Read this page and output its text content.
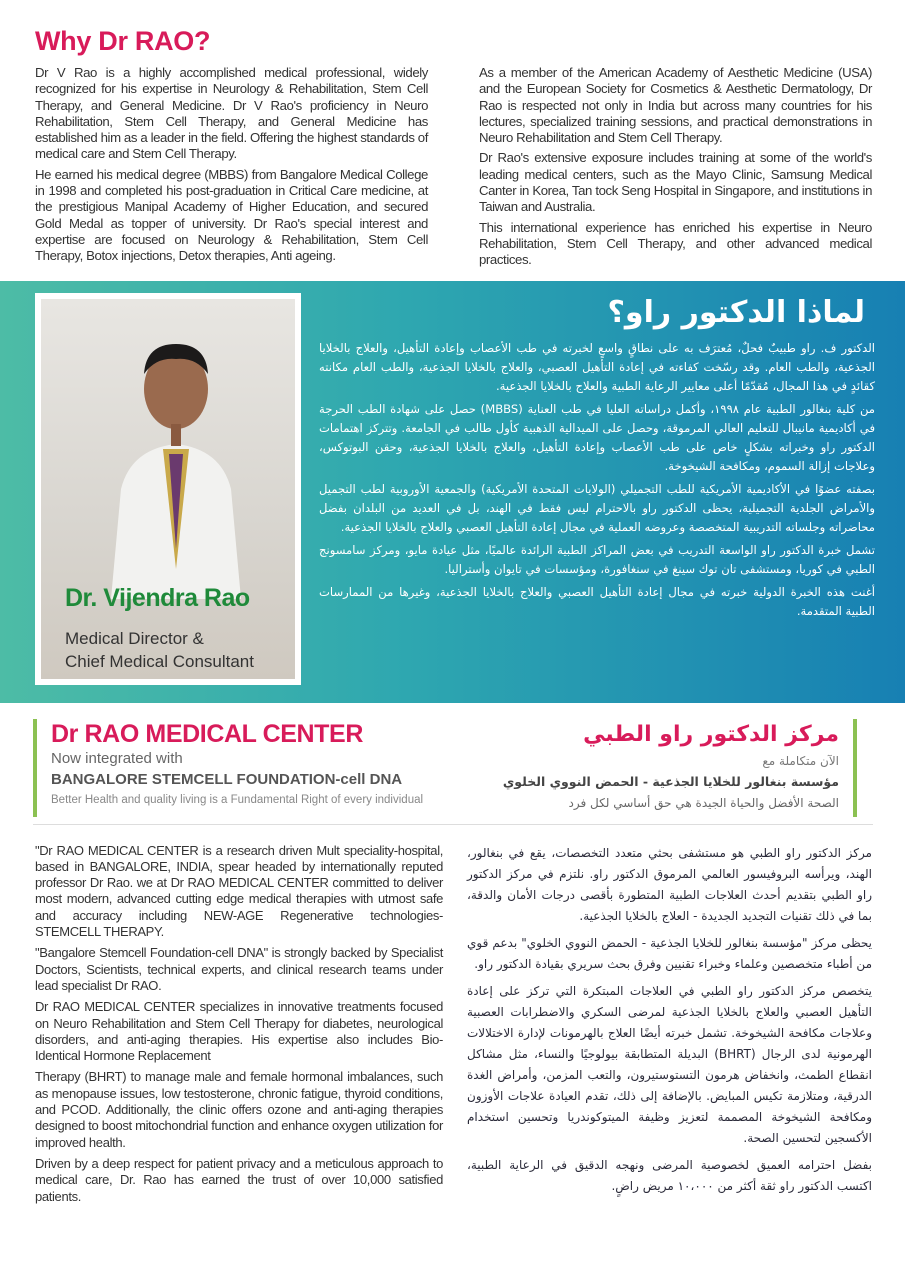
Why Dr RAO?

Dr V Rao is a highly accomplished medical professional, widely recognized for his expertise in Neurology & Rehabilitation, Stem Cell Therapy, and General Medicine. Dr V Rao's proficiency in Neuro Rehabilitation, Stem Cell Therapy, and General Medicine has established him as a leader in the field. Offering the highest standards of medical care and Stem Cell Therapy.

He earned his medical degree (MBBS) from Bangalore Medical College in 1998 and completed his post-graduation in Critical Care medicine, at the prestigious Manipal Academy of Higher Education, and secured Gold Medal as topper of university. Dr Rao's special interest and expertise are focused on Neurology & Rehabilitation, Stem Cell Therapy, Botox injections, Detox therapies, Anti ageing.

As a member of the American Academy of Aesthetic Medicine (USA) and the European Society for Cosmetics & Aesthetic Dermatology, Dr Rao is respected not only in India but across many countries for his lectures, specialized training sessions, and practical demonstrations in Neuro Rehabilitation and Stem Cell Therapy.

Dr Rao's extensive exposure includes training at some of the world's leading medical centers, such as the Mayo Clinic, Samsung Medical Canter in Korea, Tan tock Seng Hospital in Singapore, and institutions in Taiwan and Australia.

This international experience has enriched his expertise in Neuro Rehabilitation, Stem Cell Therapy, and other advanced medical practices.

Dr. Vijendra Rao
Medical Director &
Chief Medical Consultant
لماذا الدكتور راو؟

الدكتور ف. راو طبيبٌ فحلٌ، مُعترَف به على نطاقٍ واسعٍ لخبرته في طب الأعصاب وإعادة التأهيل، والعلاج بالخلايا الجذعية، والطب العام. وقد رسّخت كفاءته في إعادة التأهيل العصبي، والعلاج بالخلايا الجذعية، والطب العام مكانته كقائدٍ في هذا المجال، مُقدّمًا أعلى معايير الرعاية الطبية والعلاج بالخلايا الجذعية.

من كلية بنغالور الطبية عام ١٩٩٨، وأكمل دراساته العليا في طب العناية (MBBS) حصل على شهادة الطب الحرجة في أكاديمية مانيبال للتعليم العالي المرموقة، وحصل على الميدالية الذهبية كأول طالب في الجامعة. وتتركز اهتمامات الدكتور راو وخبراته بشكلٍ خاص على طب الأعصاب وإعادة التأهيل، والعلاج بالخلايا الجذعية، وحقن البوتوكس، وعلاجات إزالة السموم، ومكافحة الشيخوخة.

بصفته عضوًا في الأكاديمية الأمريكية للطب التجميلي (الولايات المتحدة الأمريكية) والجمعية الأوروبية لطب التجميل والأمراض الجلدية التجميلية، يحظى الدكتور راو بالاحترام ليس فقط في الهند، بل في العديد من البلدان بفضل محاضراته وجلساته التدريبية المتخصصة وعروضه العملية في مجال إعادة التأهيل العصبي والعلاج بالخلايا الجذعية.

تشمل خبرة الدكتور راو الواسعة التدريب في بعض المراكز الطبية الرائدة عالميًا، مثل عيادة مايو، ومركز سامسونج الطبي في كوريا، ومستشفى تان توك سينغ في سنغافورة، ومؤسسات في تايوان وأستراليا.

أغنت هذه الخبرة الدولية خبرته في مجال إعادة التأهيل العصبي والعلاج بالخلايا الجذعية، وغيرها من الممارسات الطبية المتقدمة.

Dr RAO MEDICAL CENTER
Now integrated with
BANGALORE STEMCELL FOUNDATION-cell DNA
Better Health and quality living is a Fundamental Right of every individual
مركز الدكتور راو الطبي
الآن متكاملة مع
مؤسسة بنغالور للخلايا الجذعية - الحمض النووي الخلوي
الصحة الأفضل والحياة الجيدة هي حق أساسي لكل فرد

"Dr RAO MEDICAL CENTER is a research driven Mult speciality-hospital, based in BANGALORE, INDIA, spear headed by internationally reputed professor Dr Rao. we at Dr RAO MEDICAL CENTER committed to deliver most modern, advanced cutting edge medical therapies with utmost safe and accuracy including NEW-AGE Regenerative technologies- STEMCELL THERAPY.

"Bangalore Stemcell Foundation-cell DNA" is strongly backed by Specialist Doctors, Scientists, technical experts, and clinical research teams under lead specialist Dr RAO.

Dr RAO MEDICAL CENTER specializes in innovative treatments focused on Neuro Rehabilitation and Stem Cell Therapy for diabetes, neurological disorders, and anti-aging therapies. His expertise also includes Bio-Identical Hormone Replacement

Therapy (BHRT) to manage male and female hormonal imbalances, such as menopause issues, low testosterone, chronic fatigue, thyroid conditions, and PCOD. Additionally, the clinic offers ozone and anti-aging therapies designed to boost mitochondrial function and enhance oxygen utilization for improved health.

Driven by a deep respect for patient privacy and a meticulous approach to medical care, Dr. Rao has earned the trust of over 10,000 satisfied patients.

مركز الدكتور راو الطبي هو مستشفى بحثي متعدد التخصصات، يقع في بنغالور، الهند، ويرأسه البروفيسور العالمي المرموق الدكتور راو. نلتزم في مركز الدكتور راو الطبي بتقديم أحدث العلاجات الطبية المتطورة بأقصى درجات الأمان والدقة، بما في ذلك تقنيات التجديد الجديدة - العلاج بالخلايا الجذعية.

يحظى مركز "مؤسسة بنغالور للخلايا الجذعية - الحمض النووي الخلوي" بدعم قوي من أطباء متخصصين وعلماء وخبراء تقنيين وفرق بحث سريري بقيادة الدكتور راو.

يتخصص مركز الدكتور راو الطبي في العلاجات المبتكرة التي تركز على إعادة التأهيل العصبي والعلاج بالخلايا الجذعية لمرضى السكري والاضطرابات العصبية وعلاجات مكافحة الشيخوخة. تشمل خبرته أيضًا العلاج بالهرمونات لإدارة الاختلالات الهرمونية لدى الرجال (BHRT) البديلة المتطابقة بيولوجيًا والنساء، مثل مشاكل انقطاع الطمث، وانخفاض هرمون التستوستيرون، والتعب المزمن، وأمراض الغدة الدرقية، ومتلازمة تكيس المبايض. بالإضافة إلى ذلك، تقدم العيادة علاجات الأوزون ومكافحة الشيخوخة المصممة لتعزيز وظيفة الميتوكوندريا وتحسين استخدام الأكسجين لتحسين الصحة.

بفضل احترامه العميق لخصوصية المرضى ونهجه الدقيق في الرعاية الطبية، اكتسب الدكتور راو ثقة أكثر من ١٠،٠٠٠ مريض راضٍ.
